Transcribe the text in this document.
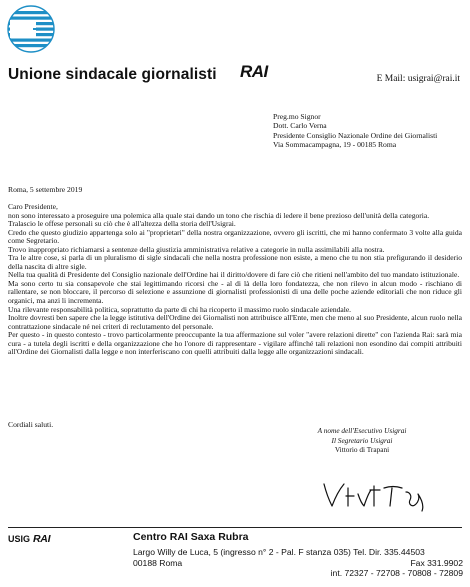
Unione sindacale giornalisti RAI	E Mail: usigrai@rai.it
Preg.mo Signor
Dott. Carlo Verna
Presidente Consiglio Nazionale Ordine dei Giornalisti
Via Sommacampagna, 19 - 00185 Roma
Roma, 5 settembre 2019

Caro Presidente,

non sono interessato a proseguire una polemica alla quale stai dando un tono che rischia di ledere il bene prezioso dell'unità della categoria.

Tralascio le offese personali su ciò che è all'altezza della storia dell'Usigrai.

Credo che questo giudizio appartenga solo ai "proprietari" della nostra organizzazione, ovvero gli iscritti, che mi hanno confermato 3 volte alla guida come Segretario.

Trovo inappropriato richiamarsi a sentenze della giustizia amministrativa relative a categorie in nulla assimilabili alla nostra.

Tra le altre cose, si parla di un pluralismo di sigle sindacali che nella nostra professione non esiste, a meno che tu non stia prefigurando il desiderio della nascita di altre sigle.

Nella tua qualità di Presidente del Consiglio nazionale dell'Ordine hai il diritto/dovere di fare ciò che ritieni nell'ambito del tuo mandato istituzionale.

Ma sono certo tu sia consapevole che stai legittimando ricorsi che - al di là della loro fondatezza, che non rilevo in alcun modo - rischiano di rallentare, se non bloccare, il percorso di selezione e assunzione di giornalisti professionisti di una delle poche aziende editoriali che non riduce gli organici, ma anzi li incrementa.

Una rilevante responsabilità politica, soprattutto da parte di chi ha ricoperto il massimo ruolo sindacale aziendale.

Inoltre dovresti ben sapere che la legge istitutiva dell'Ordine dei Giornalisti non attribuisce all'Ente, men che meno al suo Presidente, alcun ruolo nella contrattazione sindacale né nei criteri di reclutamento del personale.

Per questo - in questo contesto - trovo particolarmente preoccupante la tua affermazione sul voler "avere relazioni dirette" con l'azienda Rai: sarà mia cura - a tutela degli iscritti e della organizzazione che ho l'onore di rappresentare - vigilare affinché tali relazioni non esondino dai compiti attribuiti all'Ordine dei Giornalisti dalla legge e non interferiscano con quelli attribuiti dalla legge alle organizzazioni sindacali.

Cordiali saluti.
A nome dell'Esecutivo Usigrai
Il Segretario Usigrai
Vittorio di Trapani
USIG RAI	Centro RAI Saxa Rubra
Largo Willy de Luca, 5 (ingresso n° 2 - Pal. F stanza 035) Tel. Dir. 335.44503
00188 Roma	Fax 331.9902
int. 72327 - 72708 - 70808 - 72809
